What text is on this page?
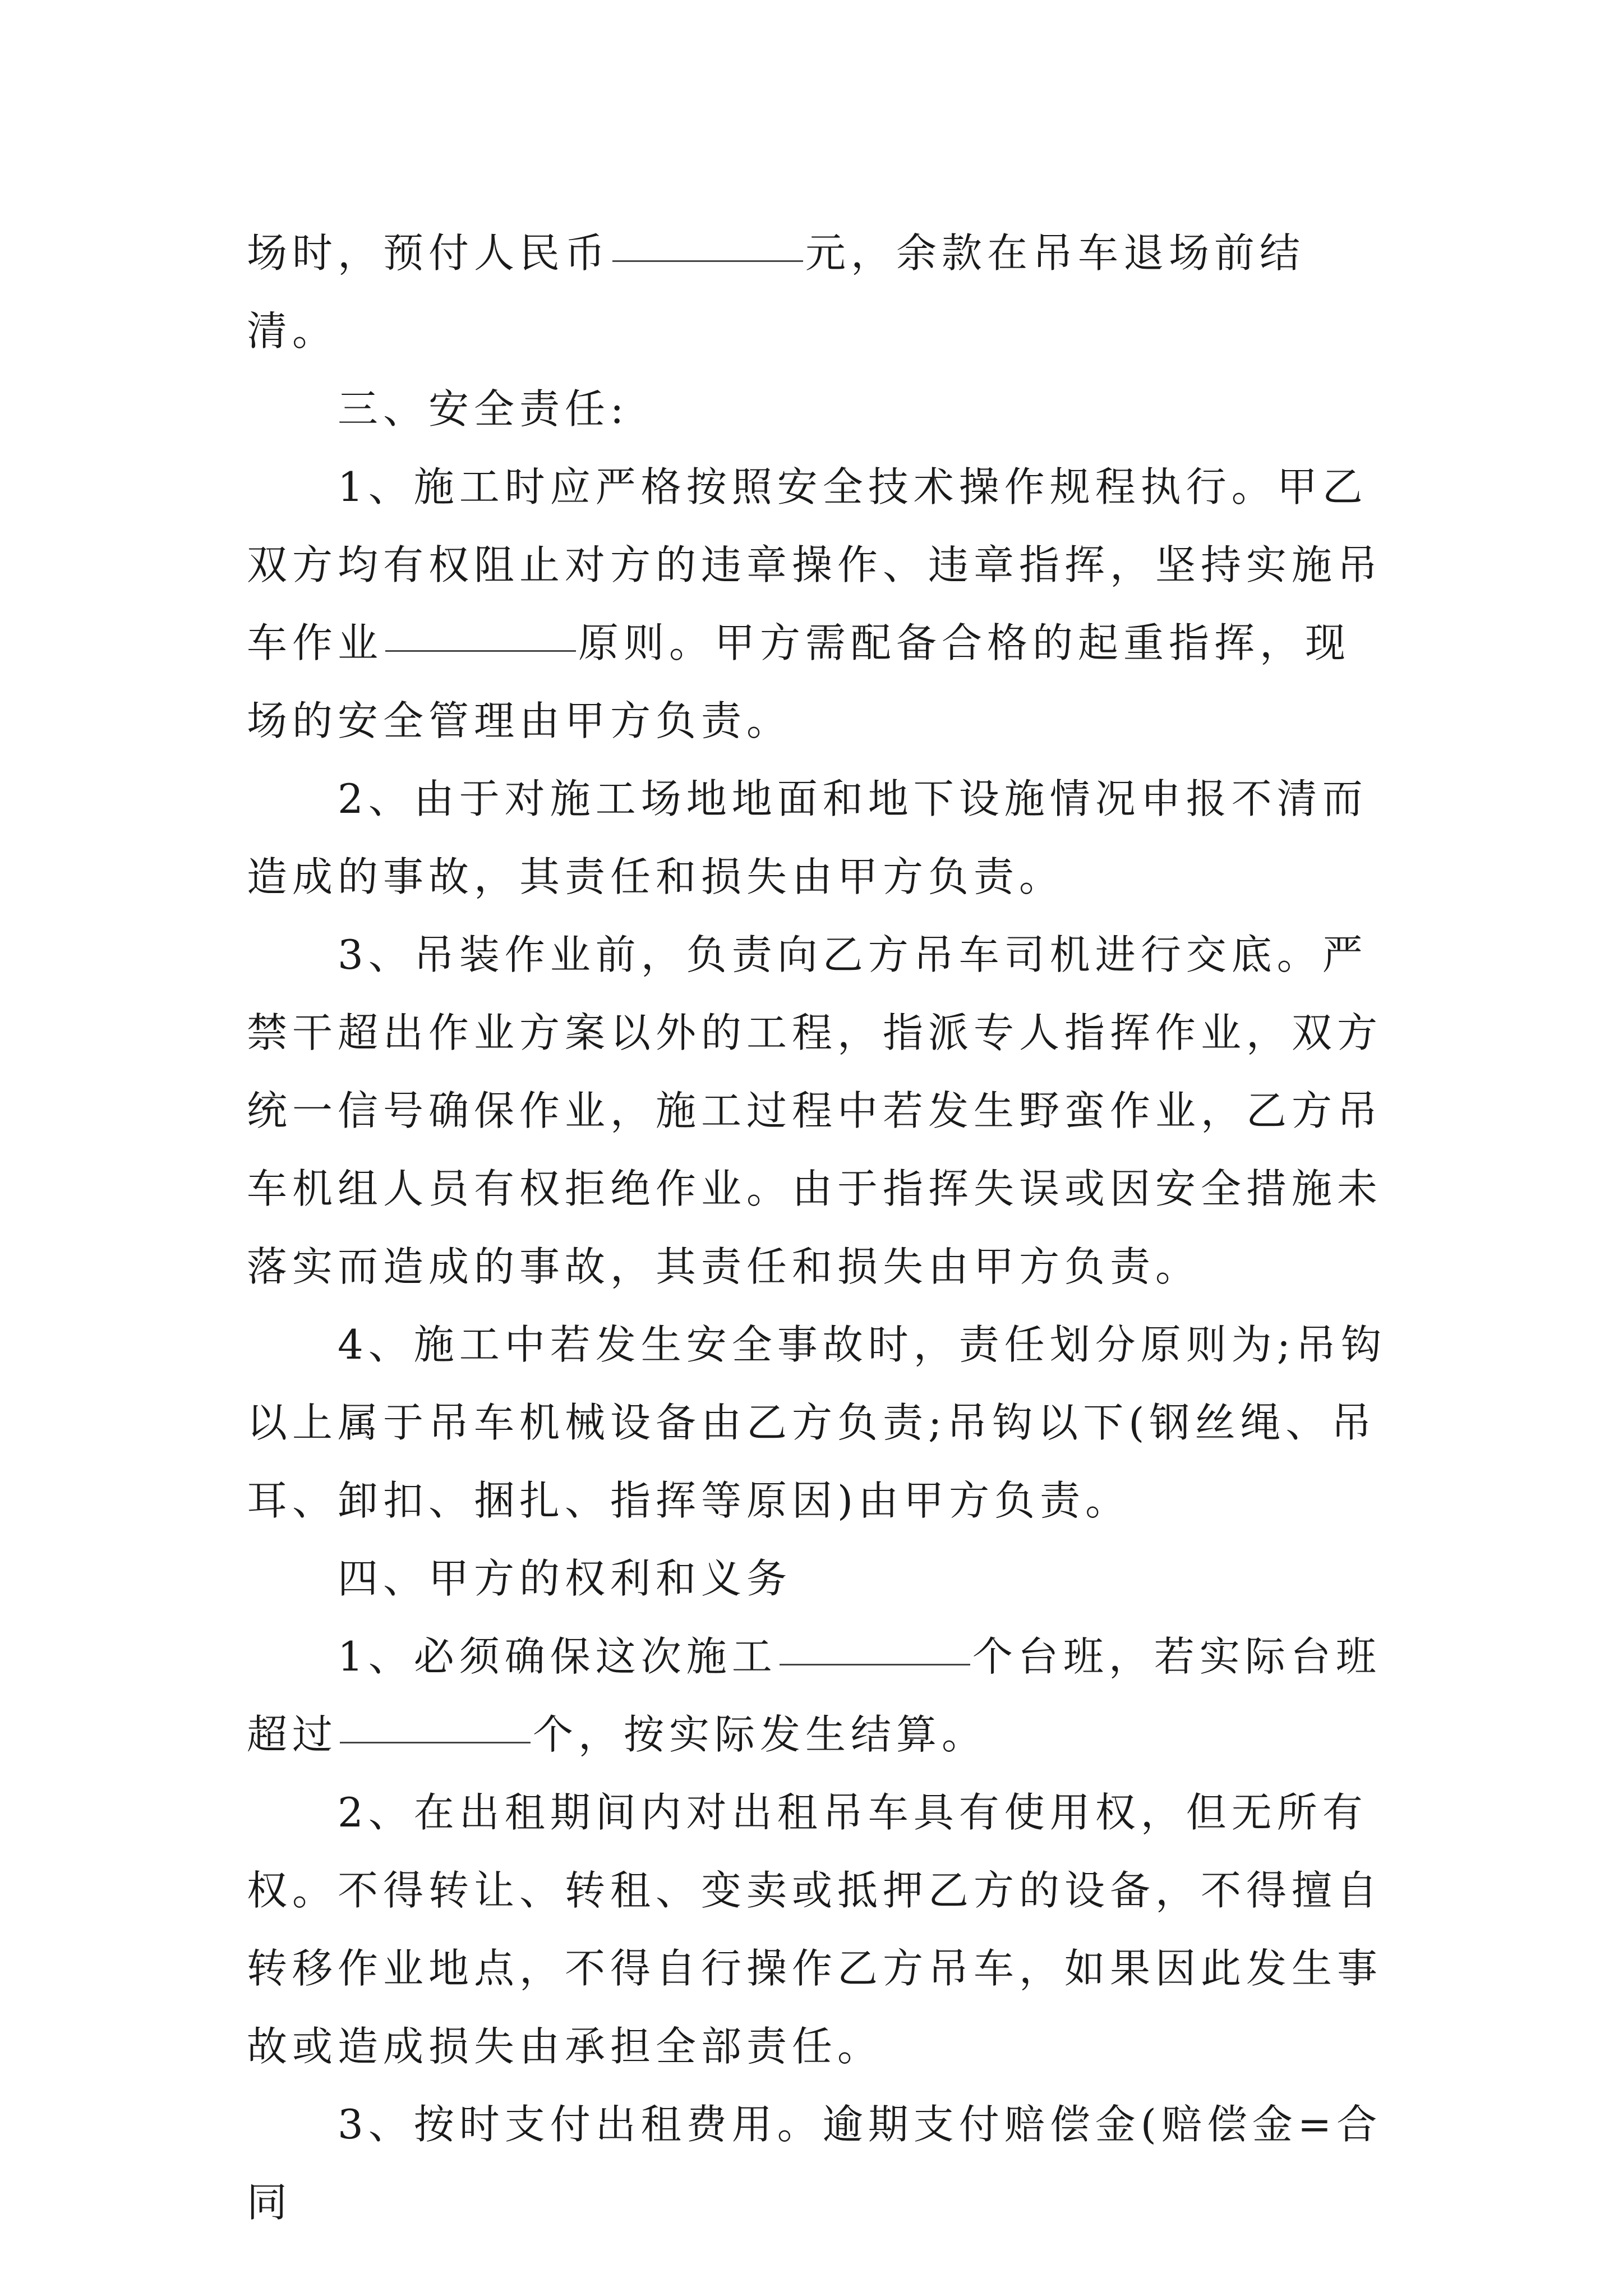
场时，预付人民币	元，余款在吊车退场前结清。

三、安全责任:

1、施工时应严格按照安全技术操作规程执行。甲乙双方均有权阻止对方的违章操作、违章指挥，坚持实施吊车作业	原则。甲方需配备合格的起重指挥，现场的安全管理由甲方负责。

2、由于对施工场地地面和地下设施情况申报不清而造成的事故，其责任和损失由甲方负责。

3、吊装作业前，负责向乙方吊车司机进行交底。严禁干超出作业方案以外的工程，指派专人指挥作业，双方统一信号确保作业，施工过程中若发生野蛮作业，乙方吊车机组人员有权拒绝作业。由于指挥失误或因安全措施未落实而造成的事故，其责任和损失由甲方负责。

4、施工中若发生安全事故时，责任划分原则为;吊钩以上属于吊车机械设备由乙方负责;吊钩以下(钢丝绳、吊耳、卸扣、捆扎、指挥等原因)由甲方负责。

四、甲方的权利和义务

1、必须确保这次施工	个台班，若实际台班超过	个，按实际发生结算。

2、在出租期间内对出租吊车具有使用权，但无所有权。不得转让、转租、变卖或抵押乙方的设备，不得擅自转移作业地点，不得自行操作乙方吊车，如果因此发生事故或造成损失由承担全部责任。

3、按时支付出租费用。逾期支付赔偿金(赔偿金=合同
